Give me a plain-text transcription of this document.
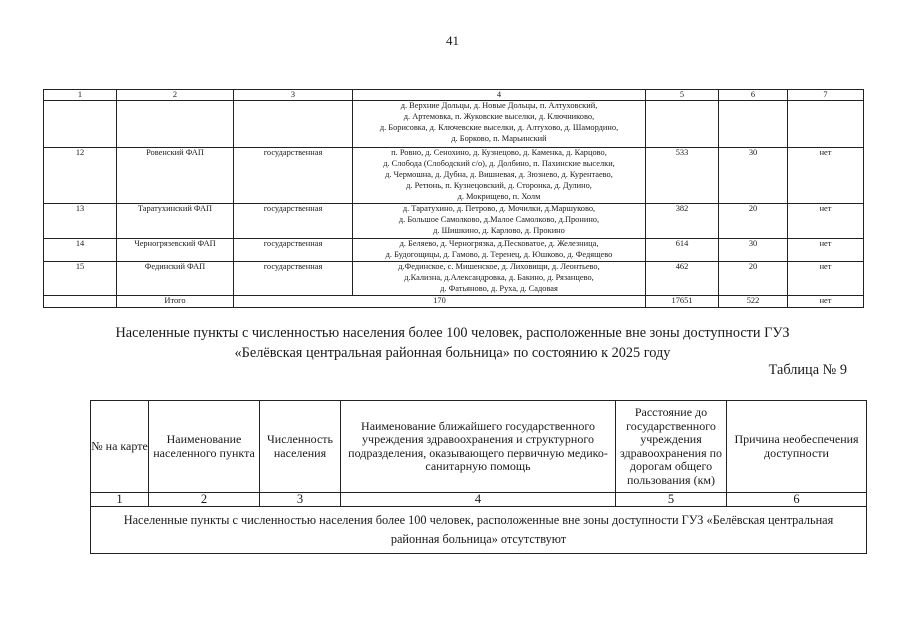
41
1	2	3	4	5	6	7
			д. Верхние Дольцы, д. Новые Дольцы, п. Алтуховский,
д. Артемовка, п. Жуковские выселки, д. Ключниково,
д. Борисовка, д. Ключевские выселки, д. Алтухово, д. Шамордино,
д. Борково, п. Марьинский			
12	Ровенский ФАП	государственная	п. Ровно, д. Сенохино, д. Кузнецово, д. Каменка, д. Карцово,
д. Слобода (Слободский с/о), д. Долбино, п. Пахинские выселки,
д. Чермошна, д. Дубна, д. Вишневая, д. Зюзнево, д. Курентаево,
д. Ретюнь, п. Кузнецовский, д. Сторонка, д. Дулино,
д. Мокрищево, п. Холм	533	30	нет
13	Таратухинский ФАП	государственная	д. Таратухино, д. Петрово, д. Мочилки, д.Маршуково,
д. Большое Самолково, д.Малое Самолково, д.Пронино,
д. Шишкино, д. Карлово, д. Прокино	382	20	нет
14	Черногрязевский ФАП	государственная	д. Беляево, д. Черногрязка, д.Песковатое, д. Железница,
д. Будогощицы, д. Гамово, д. Теренец, д. Юшково, д. Федящево	614	30	нет
15	Фединский ФАП	государственная	д.Фединское, с. Мишенское, д. Лиховищи, д. Леонтьево,
д.Кализна, д.Александровка, д. Бакино, д. Рязанцево,
д. Фатьяново, д. Руха, д. Садовая	462	20	нет
	Итого	170		17651	522	нет
Населенные пункты с численностью населения более 100 человек, расположенные вне зоны доступности ГУЗ
«Белёвская центральная районная больница» по состоянию к 2025 году
Таблица № 9
№ на карте	Наименование населенного пункта	Численность населения	Наименование ближайшего государственного учреждения здравоохранения и структурного подразделения, оказывающего первичную медико-санитарную помощь	Расстояние до государственного учреждения здравоохранения по дорогам общего пользования (км)	Причина необеспечения доступности
1	2	3	4	5	6
Населенные пункты с численностью населения более 100 человек, расположенные вне зоны доступности ГУЗ «Белёвская центральная районная больница» отсутствуют					
